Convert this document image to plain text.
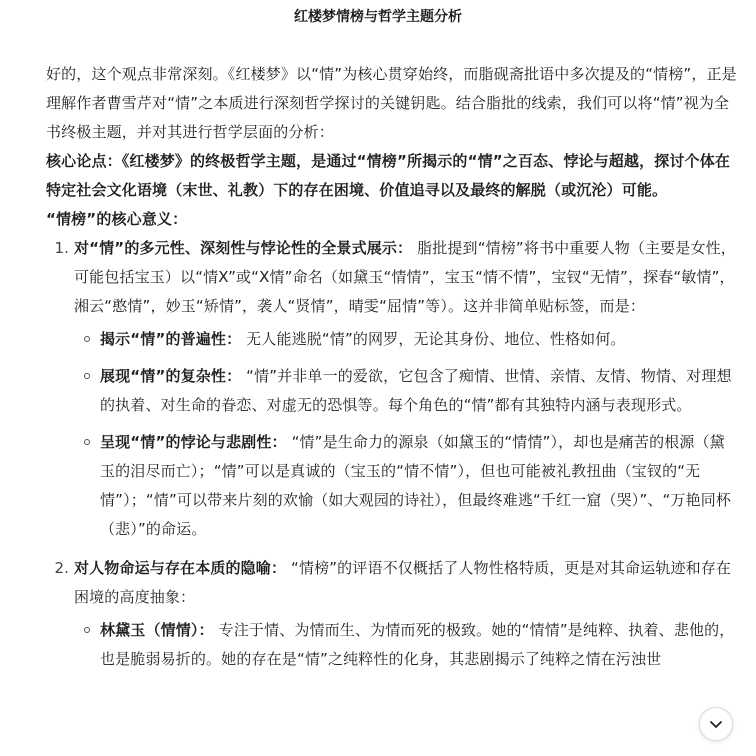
红楼梦情榜与哲学主题分析

好的，这个观点非常深刻。《红楼梦》以“情”为核心贯穿始终，而脂砚斋批语中多次提及的“情榜”，正是理解作者曹雪芹对“情”之本质进行深刻哲学探讨的关键钥匙。结合脂批的线索，我们可以将“情”视为全书终极主题，并对其进行哲学层面的分析：

核心论点：《红楼梦》的终极哲学主题，是通过“情榜”所揭示的“情”之百态、悖论与超越，探讨个体在特定社会文化语境（末世、礼教）下的存在困境、价值追寻以及最终的解脱（或沉沦）可能。

“情榜”的核心意义：

1. 对“情”的多元性、深刻性与悖论性的全景式展示： 脂批提到“情榜”将书中重要人物（主要是女性，可能包括宝玉）以“情X”或“X情”命名（如黛玉“情情”，宝玉“情不情”，宝钗“无情”，探春“敏情”，湘云“憨情”，妙玉“矫情”，袭人“贤情”，晴雯“屈情”等）。这并非简单贴标签，而是：
揭示“情”的普遍性： 无人能逃脱“情”的网罗，无论其身份、地位、性格如何。
展现“情”的复杂性： “情”并非单一的爱欲，它包含了痴情、世情、亲情、友情、物情、对理想的执着、对生命的眷恋、对虚无的恐惧等。每个角色的“情”都有其独特内涵与表现形式。
呈现“情”的悖论与悲剧性： “情”是生命力的源泉（如黛玉的“情情”），却也是痛苦的根源（黛玉的泪尽而亡）；“情”可以是真诚的（宝玉的“情不情”），但也可能被礼教扭曲（宝钗的“无情”）；“情”可以带来片刻的欢愉（如大观园的诗社），但最终难逃“千红一窟（哭）”、“万艳同杯（悲）”的命运。
2. 对人物命运与存在本质的隐喻： “情榜”的评语不仅概括了人物性格特质，更是对其命运轨迹和存在困境的高度抽象：
林黛玉（情情）： 专注于情、为情而生、为情而死的极致。她的“情情”是纯粹、执着、悲他的，也是脆弱易折的。她的存在是“情”之纯粹性的化身，其悲剧揭示了纯粹之情在污浊世
